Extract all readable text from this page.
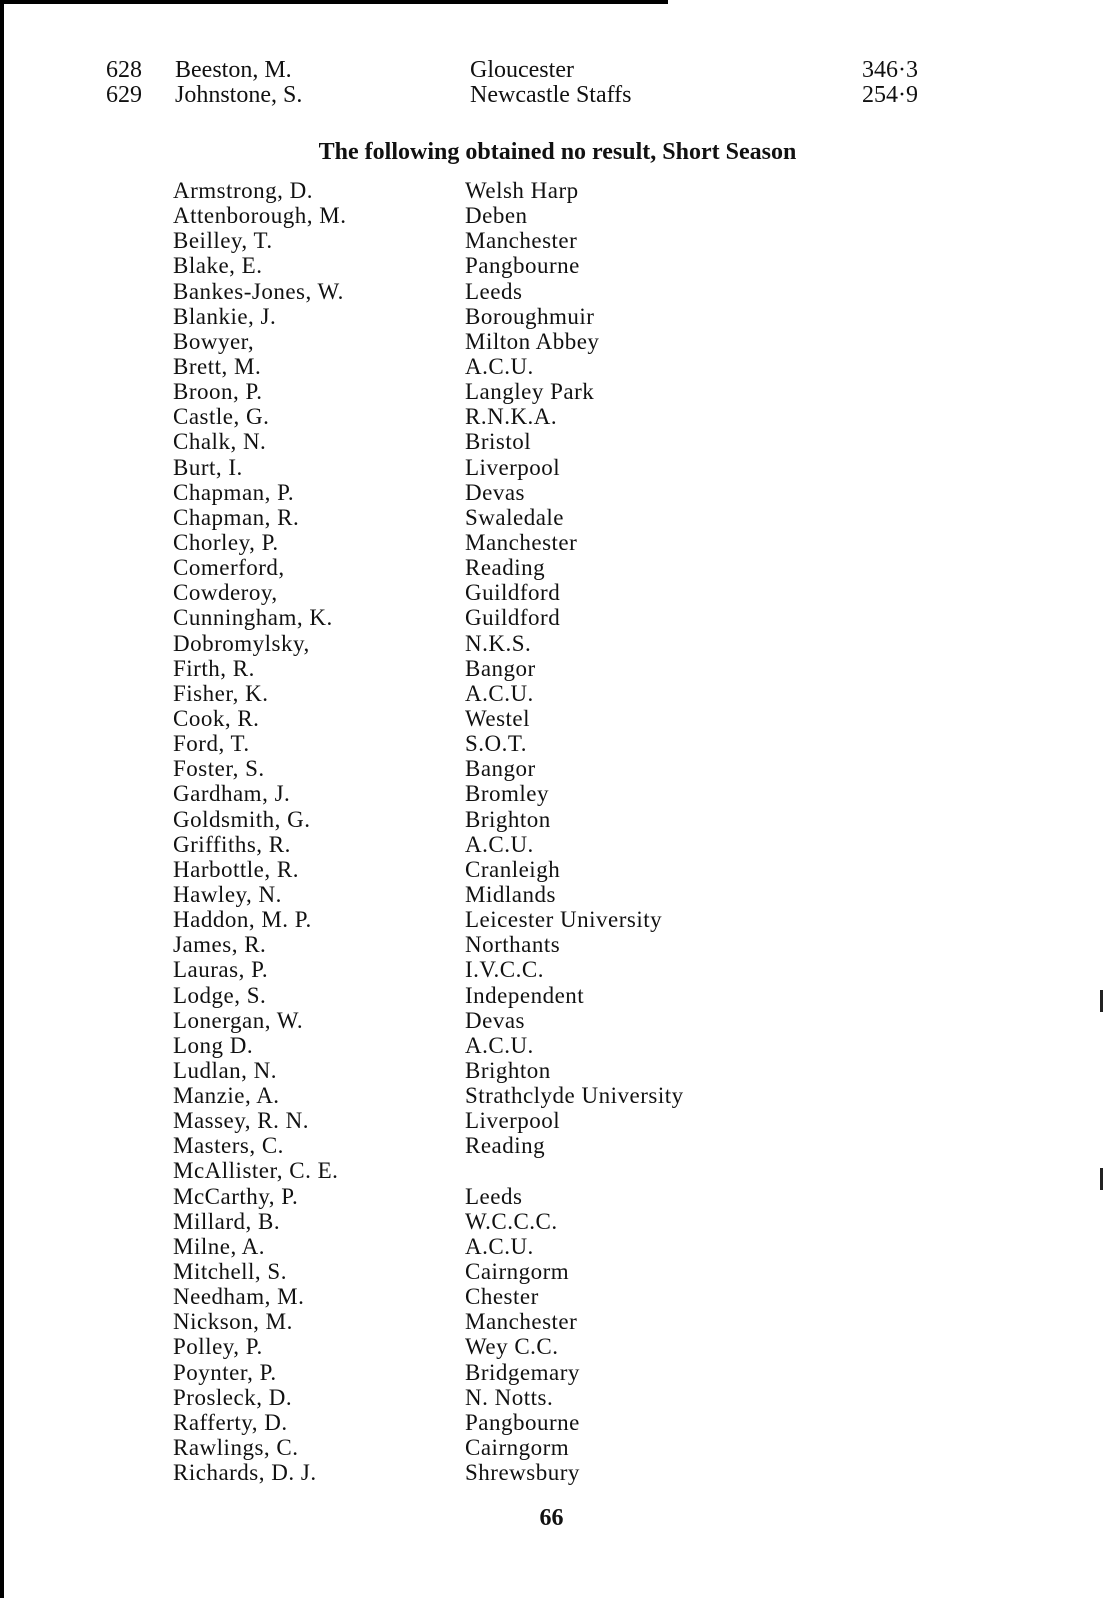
628 Beeston, M.	Gloucester	346·3
629 Johnstone, S.	Newcastle Staffs	254·9
The following obtained no result, Short Season
Armstrong, D.	Welsh Harp
Attenborough, M.	Deben
Beilley, T.	Manchester
Blake, E.	Pangbourne
Bankes-Jones, W.	Leeds
Blankie, J.	Boroughmuir
Bowyer,	Milton Abbey
Brett, M.	A.C.U.
Broon, P.	Langley Park
Castle, G.	R.N.K.A.
Chalk, N.	Bristol
Burt, I.	Liverpool
Chapman, P.	Devas
Chapman, R.	Swaledale
Chorley, P.	Manchester
Comerford,	Reading
Cowderoy,	Guildford
Cunningham, K.	Guildford
Dobromylsky,	N.K.S.
Firth, R.	Bangor
Fisher, K.	A.C.U.
Cook, R.	Westel
Ford, T.	S.O.T.
Foster, S.	Bangor
Gardham, J.	Bromley
Goldsmith, G.	Brighton
Griffiths, R.	A.C.U.
Harbottle, R.	Cranleigh
Hawley, N.	Midlands
Haddon, M. P.	Leicester University
James, R.	Northants
Lauras, P.	I.V.C.C.
Lodge, S.	Independent
Lonergan, W.	Devas
Long D.	A.C.U.
Ludlan, N.	Brighton
Manzie, A.	Strathclyde University
Massey, R. N.	Liverpool
Masters, C.	Reading
McAllister, C. E.
McCarthy, P.	Leeds
Millard, B.	W.C.C.C.
Milne, A.	A.C.U.
Mitchell, S.	Cairngorm
Needham, M.	Chester
Nickson, M.	Manchester
Polley, P.	Wey C.C.
Poynter, P.	Bridgemary
Prosleck, D.	N. Notts.
Rafferty, D.	Pangbourne
Rawlings, C.	Cairngorm
Richards, D. J.	Shrewsbury
66
